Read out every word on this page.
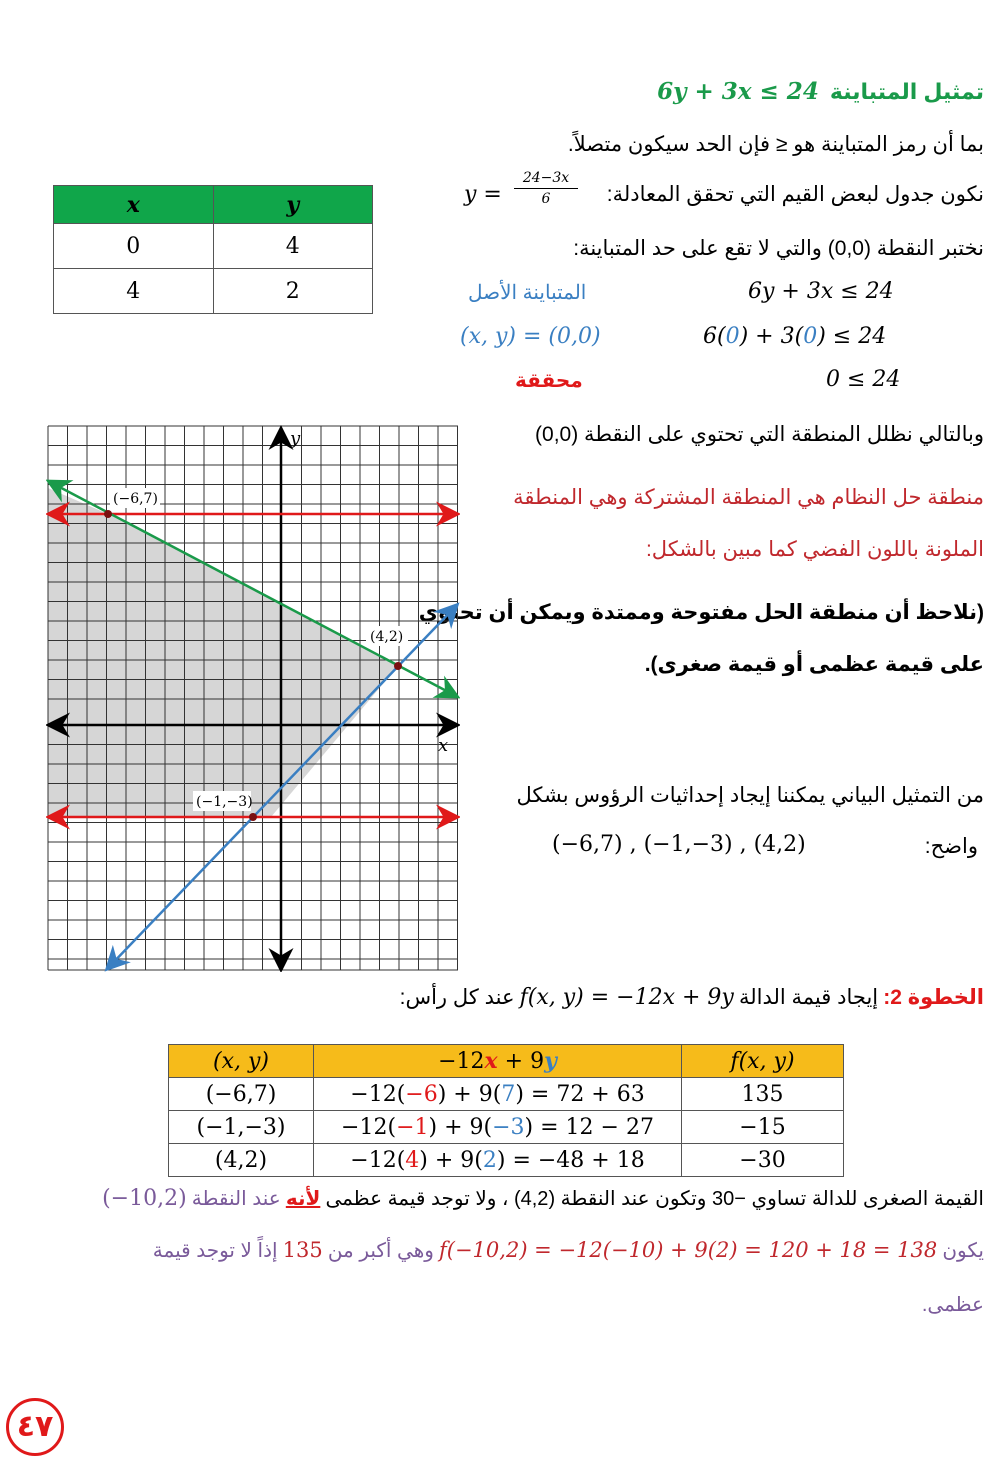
تمثيل المتباينة 6y + 3x ≤ 24
بما أن رمز المتباينة هو ≤ فإن الحد سيكون متصلاً.
نكون جدول لبعض القيم التي تحقق المعادلة:
$y = \frac{24-3x}{6}$
نختبر النقطة (0,0) والتي لا تقع على حد المتباينة:
المتباينة الأصل	6y + 3x ≤ 24
(x, y) = (0,0)	6(0) + 3(0) ≤ 24
محققة	0 ≤ 24
x	y
0	4
4	2
وبالتالي نظلل المنطقة التي تحتوي على النقطة (0,0)
منطقة حل النظام هي المنطقة المشتركة وهي المنطقة
الملونة باللون الفضي كما مبين بالشكل:
(نلاحظ أن منطقة الحل مفتوحة وممتدة ويمكن أن تحتوي
على قيمة عظمى أو قيمة صغرى).
من التمثيل البياني يمكننا إيجاد إحداثيات الرؤوس بشكل
واضح:
(−6,7) , (−1,−3) , (4,2)
(−6,7)
(4,2)
(−1,−3)
y
x
الخطوة 2: إيجاد قيمة الدالة f(x, y) = −12x + 9y عند كل رأس:
(x, y)	−12x + 9y	f(x, y)
(−6,7)	−12(−6) + 9(7) = 72 + 63	135
(−1,−3)	−12(−1) + 9(−3) = 12 − 27	−15
(4,2)	−12(4) + 9(2) = −48 + 18	−30
القيمة الصغرى للدالة تساوي −30 وتكون عند النقطة (4,2) ، ولا توجد قيمة عظمى لأنه عند النقطة (−10,2)
يكون f(−10,2) = −12(−10) + 9(2) = 120 + 18 = 138 وهي أكبر من 135 إذاً لا توجد قيمة
عظمى.
٤٧
